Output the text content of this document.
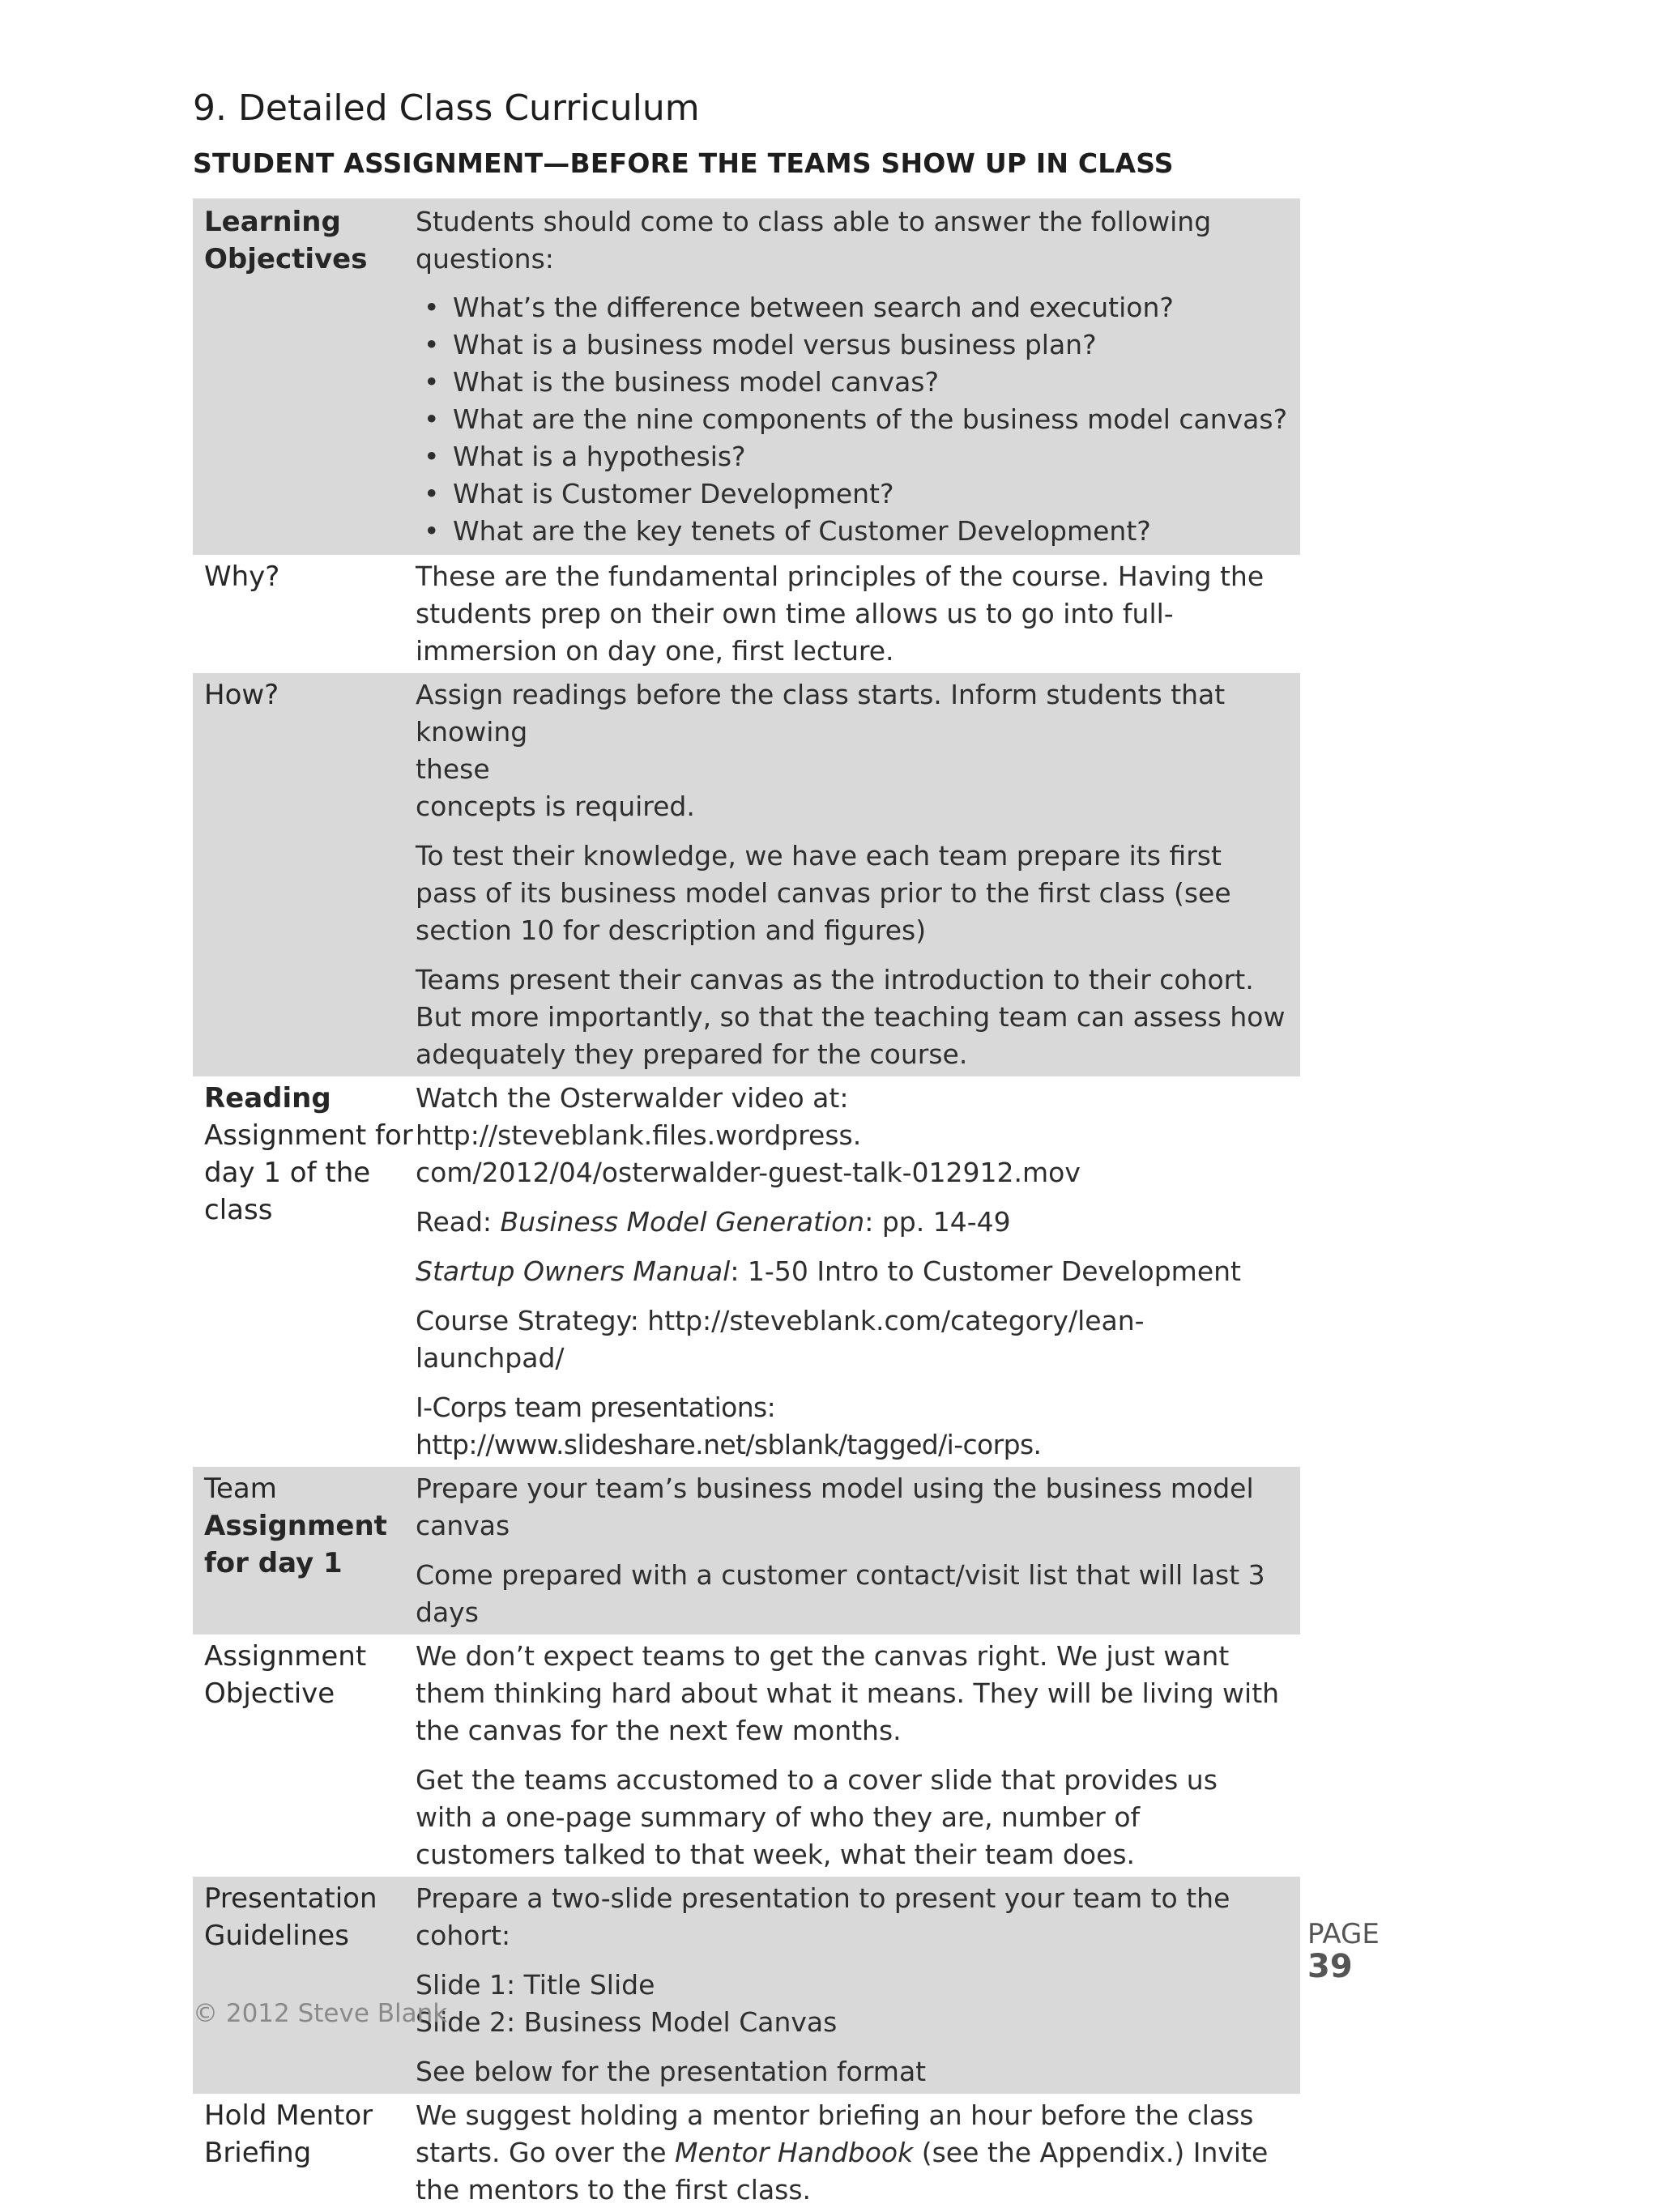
9. Detailed Class Curriculum
STUDENT ASSIGNMENT—BEFORE THE TEAMS SHOW UP IN CLASS
Learning
Objectives

Students should come to class able to answer the following questions:

• What’s the difference between search and execution?
• What is a business model versus business plan?
• What is the business model canvas?
• What are the nine components of the business model canvas?
• What is a hypothesis?
• What is Customer Development?
• What are the key tenets of Customer Development?
Why?	These are the fundamental principles of the course. Having the students prep on their own time allows us to go into full-immersion on day one, first lecture.

How?	Assign readings before the class starts. Inform students that knowing
these
concepts is required.

To test their knowledge, we have each team prepare its first pass of its business model canvas prior to the first class (see section 10 for description and figures)

Teams present their canvas as the introduction to their cohort. But more importantly, so that the teaching team can assess how adequately they prepared for the course.

Reading
Assignment for
day 1 of the
class

Watch the Osterwalder video at: http://steveblank.files.wordpress.
com/2012/04/osterwalder-guest-talk-012912.mov

Read: Business Model Generation: pp. 14-49

Startup Owners Manual: 1-50 Intro to Customer Development

Course Strategy: http://steveblank.com/category/lean-launchpad/

I-Corps team presentations: http://www.slideshare.net/sblank/tagged/i-corps.

Team
Assignment
for day 1

Prepare your team’s business model using the business model canvas

Come prepared with a customer contact/visit list that will last 3 days

Assignment
Objective

We don’t expect teams to get the canvas right. We just want them thinking hard about what it means. They will be living with the canvas for the next few months.

Get the teams accustomed to a cover slide that provides us with a one-page summary of who they are, number of customers talked to that week, what their team does.

Presentation
Guidelines

Prepare a two-slide presentation to present your team to the cohort:

Slide 1: Title Slide
Slide 2: Business Model Canvas

See below for the presentation format

Hold Mentor
Briefing

We suggest holding a mentor briefing an hour before the class starts. Go over the Mentor Handbook (see the Appendix.) Invite the mentors to the first class.

PAGE
39
© 2012 Steve Blank
